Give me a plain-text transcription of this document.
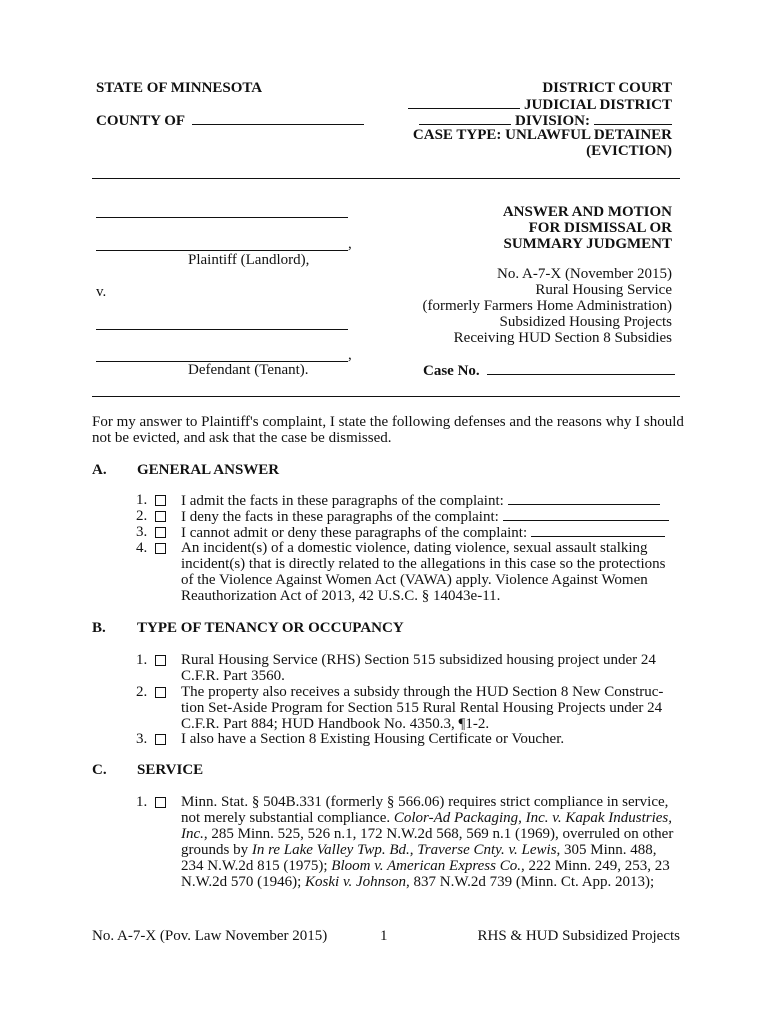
STATE OF MINNESOTA
COUNTY OF
DISTRICT COURT
JUDICIAL DISTRICT
DIVISION:
CASE TYPE: UNLAWFUL DETAINER
(EVICTION)
,
Plaintiff (Landlord),
v.
,
Defendant (Tenant).
ANSWER AND MOTION
FOR DISMISSAL OR
SUMMARY JUDGMENT
No. A-7-X (November 2015)
Rural Housing Service
(formerly Farmers Home Administration)
Subsidized Housing Projects
Receiving HUD Section 8 Subsidies
Case No.
For my answer to Plaintiff's complaint, I state the following defenses and the reasons why I should
not be evicted, and ask that the case be dismissed.
A. GENERAL ANSWER
1. I admit the facts in these paragraphs of the complaint:
2. I deny the facts in these paragraphs of the complaint:
3. I cannot admit or deny these paragraphs of the complaint:
4. An incident(s) of a domestic violence, dating violence, sexual assault stalking incident(s) that is directly related to the allegations in this case so the protections of the Violence Against Women Act (VAWA) apply. Violence Against Women Reauthorization Act of 2013, 42 U.S.C. § 14043e-11.
B. TYPE OF TENANCY OR OCCUPANCY
1. Rural Housing Service (RHS) Section 515 subsidized housing project under 24 C.F.R. Part 3560.
2. The property also receives a subsidy through the HUD Section 8 New Construc-tion Set-Aside Program for Section 515 Rural Rental Housing Projects under 24 C.F.R. Part 884; HUD Handbook No. 4350.3, ¶1-2.
3. I also have a Section 8 Existing Housing Certificate or Voucher.
C. SERVICE
1. Minn. Stat. § 504B.331 (formerly § 566.06) requires strict compliance in service, not merely substantial compliance. Color-Ad Packaging, Inc. v. Kapak Industries, Inc., 285 Minn. 525, 526 n.1, 172 N.W.2d 568, 569 n.1 (1969), overruled on other grounds by In re Lake Valley Twp. Bd., Traverse Cnty. v. Lewis, 305 Minn. 488, 234 N.W.2d 815 (1975); Bloom v. American Express Co., 222 Minn. 249, 253, 23 N.W.2d 570 (1946); Koski v. Johnson, 837 N.W.2d 739 (Minn. Ct. App. 2013);
No. A-7-X (Pov. Law November 2015)	1	RHS & HUD Subsidized Projects
